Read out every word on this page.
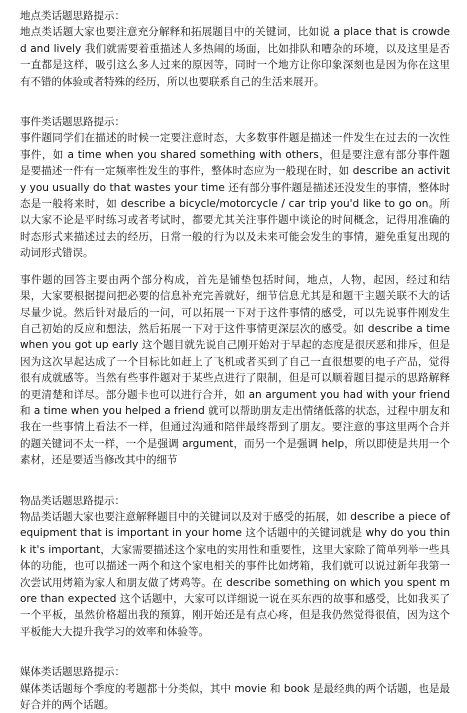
地点类话题思路提示：

地点类话题大家也要注意充分解释和拓展题目中的关键词，比如说 a place that is crowded and lively 我们就需要着重描述人多热闹的场面，比如排队和嘈杂的环境，以及这里是否一直都是这样，吸引这么多人过来的原因等，同时一个地方让你印象深刻也是因为你在这里有不错的体验或者特殊的经历，所以也要联系自己的生活来展开。

事件类话题思路提示：

事件题同学们在描述的时候一定要注意时态，大多数事件题是描述一件发生在过去的一次性事件，如 a time when you shared something with others，但是要注意有部分事件题是要描述一件有一定频率性发生的事件，整体时态应为一般现在时，如 describe an activity you usually do that wastes your time 还有部分事件题是描述还没发生的事情，整体时态是一般将来时，如 describe a bicycle/motorcycle / car trip you'd like to go on。所以大家不论是平时练习或者考试时，都要尤其关注事件题中谈论的时间概念，记得用准确的时态形式来描述过去的经历，日常一般的行为以及未来可能会发生的事情，避免重复出现的动词形式错误。

事件题的回答主要由两个部分构成，首先是铺垫包括时间，地点，人物，起因，经过和结果，大家要根据提问把必要的信息补充完善就好，细节信息尤其是和题干主题关联不大的话尽量少说。然后针对最后的一问，可以拓展一下对于这件事情的感受，可以先说事件刚发生自己初始的反应和想法，然后拓展一下对于这件事情更深层次的感受。如 describe a time when you got up early 这个题目就先说自己刚开始对于早起的态度是很厌恶和排斥，但是因为这次早起达成了一个目标比如赶上了飞机或者买到了自己一直很想要的电子产品，觉得很有成就感等。当然有些事件题对于某些点进行了限制，但是可以顺着题目提示的思路解释的更清楚和详尽。部分题卡也可以进行合并，如 an argument you had with your friend 和 a time when you helped a friend 就可以帮助朋友走出情绪低落的状态，过程中朋友和我在一些事情上看法不一样，但通过沟通和陪伴最终帮到了朋友。要注意的事这里两个合并的题关键词不太一样，一个是强调 argument，而另一个是强调 help，所以即使是共用一个素材，还是要适当修改其中的细节

物品类话题思路提示：

物品类话题大家也要注意解释题目中的关键词以及对于感受的拓展，如 describe a piece of equipment that is important in your home 这个话题中的关键词就是 why do you think it's important，大家需要描述这个家电的实用性和重要性，这里大家除了简单列举一些具体的功能，也可以描述一两个和这个家电相关的事件比如烤箱，我们就可以说过新年我第一次尝试用烤箱为家人和朋友做了烤鸡等。在 describe something on which you spent more than expected 这个话题中，大家可以详细说一说在买东西的故事和感受，比如我买了一个平板，虽然价格超出我的预算，刚开始还是有点心疼，但是我仍然觉得很值，因为这个平板能大大提升我学习的效率和体验等。

媒体类话题思路提示：

媒体类话题每个季度的考题都十分类似，其中 movie 和 book 是最经典的两个话题，也是最好合并的两个话题。
